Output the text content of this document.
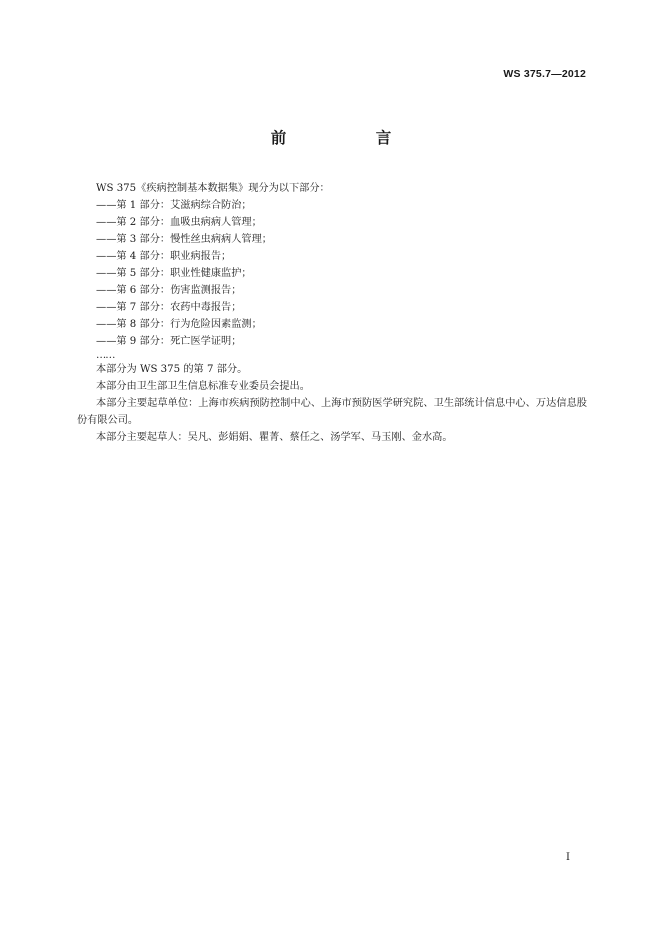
WS 375.7—2012
前 言
WS 375《疾病控制基本数据集》现分为以下部分：
——第 1 部分：艾滋病综合防治；
——第 2 部分：血吸虫病病人管理；
——第 3 部分：慢性丝虫病病人管理；
——第 4 部分：职业病报告；
——第 5 部分：职业性健康监护；
——第 6 部分：伤害监测报告；
——第 7 部分：农药中毒报告；
——第 8 部分：行为危险因素监测；
——第 9 部分：死亡医学证明；
……
本部分为 WS 375 的第 7 部分。
本部分由卫生部卫生信息标准专业委员会提出。
本部分主要起草单位：上海市疾病预防控制中心、上海市预防医学研究院、卫生部统计信息中心、万达信息股份有限公司。
本部分主要起草人：吴凡、彭娟娟、瞿菁、蔡任之、汤学军、马玉刚、金水高。
I
